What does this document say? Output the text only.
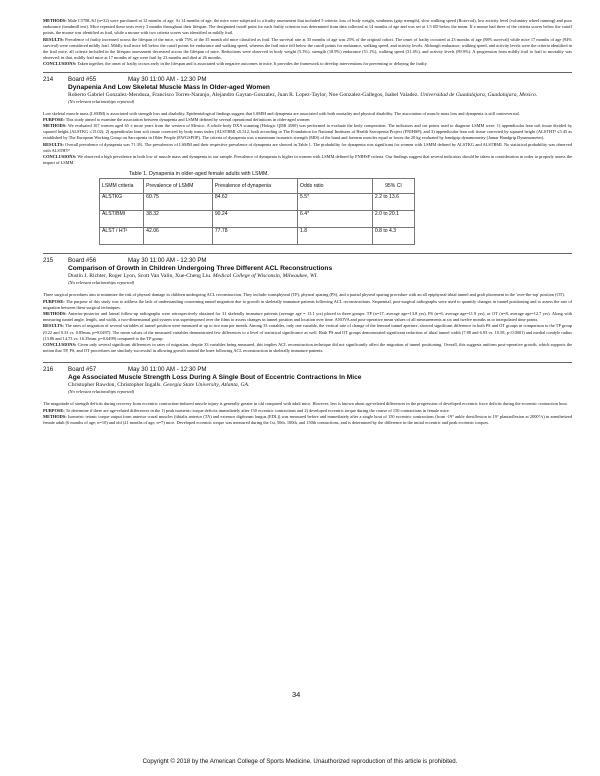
METHODS: Male C57BL/6J (n=32) were purchased at 12 months of age. At 14 months of age, the mice were subjected to a frailty assessment that included 5 criteria: loss of body weight, weakness (grip strength), slow walking speed (Rota-rod), low activity level (voluntary wheel running) and poor endurance (treadmill test). Mice repeated these tests every 3 months throughout their lifespan. The designated cutoff point for each frailty criterion was determined from data collected at 14 months of age and was set at 1.5 SD below the mean. If a mouse had three of the criteria scores below the cutoff points, the mouse was identified as frail, while a mouse with two criteria scores was identified as mildly frail.

RESULTS: Prevalence of frailty increased across the lifespan of the mice, with 75% of the 35 month old mice classified as frail. The survival rate at 35 months of age was 25% of the original cohort. The onset of frailty occurred at 23 months of age (88% survival) while mice 17 months of age (94% survival) were considered mildly frail. Mildly frail mice fell below the cutoff points for endurance and walking speed, whereas the frail mice fell below the cutoff points for endurance, walking speed, and activity levels. Although endurance, walking speed, and activity levels were the criteria identified in the frail mice, all criteria included in the lifespan assessment decreased across the lifespan of mice. Reductions were observed in body weight (5.3%), strength (18.9%) endurance (51.1%), walking speed (31.4%), and activity levels (89.9%). A progression from mildly frail to frail to mortality was observed; in that, mildly frail mice at 17 months of age were frail by 23 months and died at 26 months.

CONCLUSIONS: Taken together, the onset of frailty occurs early in the lifespan and is associated with negative outcomes in mice. It provides the framework to develop interventions for preventing or delaying the frailty.

214	Board #55	May 30 11:00 AM - 12:30 PM
Dynapenia And Low Skeletal Muscle Mass In Older-aged Women
Roberto Gabriel Gonzalez-Mendoza, Francisco Torres-Naranjo, Alejandro Gaytan-Gonzalez, Juan R. Lopez-Taylor, Noe Gonzalez-Gallegos, Isabel Valadez. Universidad de Guadalajara, Guadalajara, Mexico.
(No relevant relationships reported)

Low skeletal muscle mass (LSMM) is associated with strength loss and disability. Epidemiological findings suggest that LSMM and dynapenia are associated with both mortality and physical disability. The association of muscle mass loss and dynapenia is still controversial.

PURPOSE: This study aimed to examine the association between dynapenia and LSMM defined by several operational definitions in older-aged women

METHODS: We evaluated 107 women aged 65 ± more years from the western of Mexico. A whole body DXA scanning (Hologic QDR 4500) was performed to evaluate the body composition. The indicators and cut points used to diagnose LSMM were: 1) appendicular lean soft tissue divided by squared height (ALSTKG ≤15.02); 2) appendicular lean soft tissue corrected by body mass index (ALSTBMI ≤0.512, both according to The Foundation for National Institutes of Health Sarcopenia Project (FNIHSP); and 3) appendicular lean soft tissue corrected by squared height (ALSTHT² ≤5.45 as established by The European Working Group on Sarcopenia in Older People (EWGSPOP). The criteria of dynapenia was a maximum isometric strength (MIS) of the hand and forearm muscles equal or lower the 20 kg evaluated by handgrip dynamometry (Jamar Handgrip Dynamometer).

RESULTS: Overall prevalence of dynapenia was 71.3%. The prevalences of LSMM and their respective prevalence of dynapenia are showed in Table 1. The probability for dynapenia was significant for women with LSMM defined by ALSTKG and ALSTBMI. No statistical probability was observed with ALSTHT²

CONCLUSIONS: We observed a high prevalence in both low of muscle mass and dynapenia in our sample. Prevalence of dynapenia is higher in women with LSMM defined by FNIHSP criteria. Our findings suggest that several indicators should be taken in consideration in order to properly assess the impact of LSMM

Table 1. Dynapenia in older-aged female adults with LSMM.
LSMM criteria	Prevalence of LSMM	Prevalence of dynapenia	Odds ratio	95% CI
ALSTKG	60.75	84.62	5.5*	2.2 to 13.6
ALST/BMI	38.32	90.24	6.4*	2.0 to 20.1
ALST / HT²	42.06	77.78	1.8	0.8 to 4.3
215	Board #56	May 30 11:00 AM - 12:30 PM
Comparison of Growth in Children Undergoing Three Different ACL Reconstructions
Dustin J. Richter, Roger Lyon, Scott Van Valin, Xue-Cheng Liu. Medical College of Wisconsin, Milwaukee, WI.
(No relevant relationships reported)

Three surgical procedures aim to minimize the risk of physeal damage in children undergoing ACL reconstruction. They include: transphyseal (TP), physeal sparing (PS), and a partial physeal sparing procedure with an all epiphyseal tibial tunnel and graft placement in the 'over-the-top' position (OT).

PURPOSE: The purpose of this study was to address the lack of understanding concerning tunnel migration due to growth in skeletally immature patients following ACL reconstructions. Sequential, post-surgical radiographs were used to quantify changes in tunnel positioning and to assess the rate of migration between these surgical techniques.

METHODS: Anterior-posterior and lateral follow-up radiographs were retrospectively obtained for 31 skeletally immature patients (average age = 13.1 yrs) placed in three groups: TP (n=17, average age=13.8 yrs), PS (n=6, average age=11.9 yrs), or OT (n=8, average age=12.7 yrs). Along with measuring tunnel angle, length, and width, a two-dimensional grid system was superimposed over the films to assess changes in tunnel position and location over time. ANOVA and post-operative mean values of all measurements at six and twelve months as to interpolated time points.

RESULTS: The rates of migration of several variables of tunnel position were measured at up to two mm per month. Among 33 variables, only one variable, the vertical rate of change of the femoral tunnel aperture, showed significant difference in both PS and OT groups in comparison to the TP group (0.22 and 0.33 vs. 0.85mm, p=0.0497). The mean values of the measured variables demonstrated few differences to a level of statistical significance as well. Both PS and OT groups demonstrated significant reduction of tibial tunnel width (7.88 and 6.93 vs. 10.58, p<0.0001) and medial condyle radius (13.86 and 14.73 vs. 16.35mm, p=0.0499) compared to the TP group.

CONCLUSIONS: Given only several significant differences in rates of migration, despite 33 variables being measured, this implies ACL reconstruction technique did not significantly affect the migration of tunnel positioning. Overall, this suggests uniform post-operative growth, which supports the notion that TP, PS, and OT procedures are similarly successful in allowing growth around the knee following ACL reconstruction in skeletally immature patients.

216	Board #57	May 30 11:00 AM - 12:30 PM
Age Associated Muscle Strength Loss During A Single Bout of Eccentric Contractions In Mice
Christopher Rawdon, Christopher Ingalls. Georgia State University, Atlanta, GA.
(No relevant relationships reported)

The magnitude of strength deficits during recovery from eccentric contraction-induced muscle injury is generally greater in old compared with adult mice. However, less is known about age-related differences in the progression of developed eccentric force deficits during the eccentric contraction bout.

PURPOSE: To determine if there are age-related differences in the 1) peak isometric torque deficits immediately after 150 eccentric contractions and 2) developed eccentric torque during the course of 150 contractions in female mice.

METHODS: Isometric tetanic torque output from anterior crural muscles (tibialis anterior (TA) and extensor digitorum longus (EDL)) was measured before and immediately after a single bout of 150 eccentric contractions (from -19° ankle dorsiflexion to 19° plantarflexion at 2000°/s) in anesthetized female adult (6 months of age; n=10) and old (21 months of age; n=7) mice. Developed eccentric torque was measured during the 1st, 50th, 100th, and 150th contractions, and is determined by the difference in the initial eccentric and peak eccentric torques.

34
Copyright © 2018 by the American College of Sports Medicine. Unauthorized reproduction of this article is prohibited.
